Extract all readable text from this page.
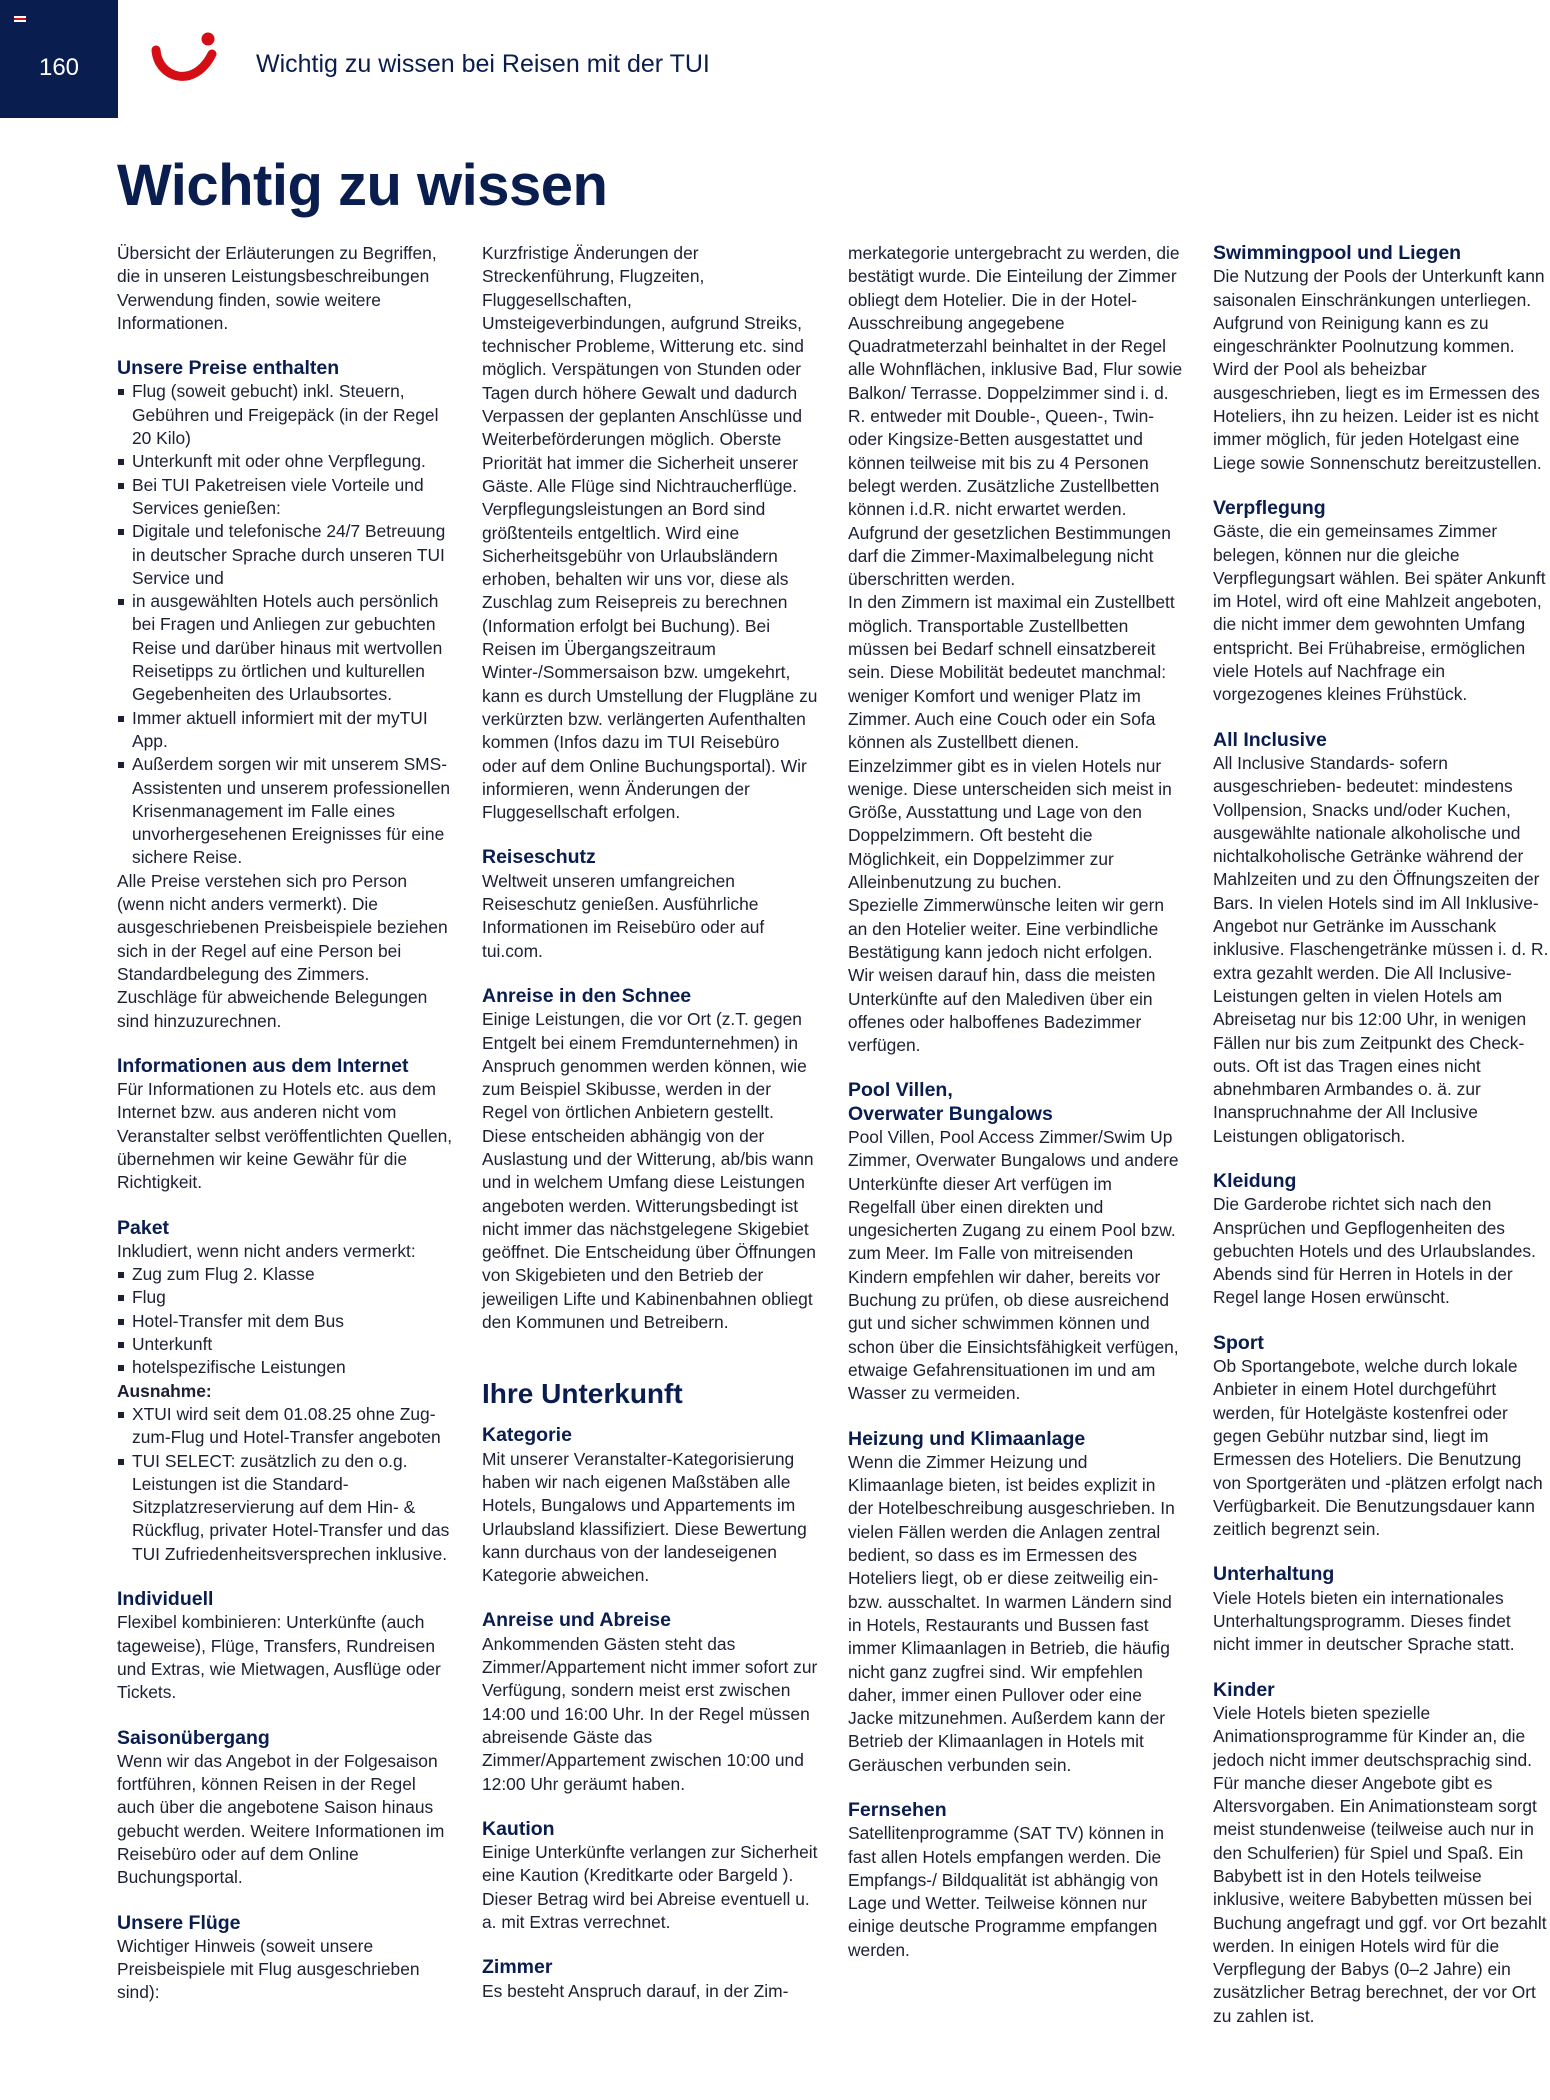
160	Wichtig zu wissen bei Reisen mit der TUI
Wichtig zu wissen

Übersicht der Erläuterungen zu Begriffen, die in unseren Leistungsbeschreibungen Verwendung finden, sowie weitere Informationen.

Unsere Preise enthalten
Flug (soweit gebucht) inkl. Steuern, Gebühren und Freigepäck (in der Regel 20 Kilo)
Unterkunft mit oder ohne Verpflegung.
Bei TUI Paketreisen viele Vorteile und Services genießen:
Digitale und telefonische 24/7 Betreuung in deutscher Sprache durch unseren TUI Service und
in ausgewählten Hotels auch persönlich bei Fragen und Anliegen zur gebuchten Reise und darüber hinaus mit wertvollen Reisetipps zu örtlichen und kulturellen Gegebenheiten des Urlaubsortes.
Immer aktuell informiert mit der myTUI App.
Außerdem sorgen wir mit unserem SMS-Assistenten und unserem professionellen Krisenmanagement im Falle eines unvorhergesehenen Ereignisses für eine sichere Reise.

Alle Preise verstehen sich pro Person (wenn nicht anders vermerkt). Die ausgeschriebenen Preisbeispiele beziehen sich in der Regel auf eine Person bei Standardbelegung des Zimmers. Zuschläge für abweichende Belegungen sind hinzuzurechnen.

Informationen aus dem Internet

Für Informationen zu Hotels etc. aus dem Internet bzw. aus anderen nicht vom Veranstalter selbst veröffentlichten Quellen, übernehmen wir keine Gewähr für die Richtigkeit.

Paket

Inkludiert, wenn nicht anders vermerkt:

Zug zum Flug 2. Klasse
Flug
Hotel-Transfer mit dem Bus
Unterkunft
hotelspezifische Leistungen

Ausnahme:

XTUI wird seit dem 01.08.25 ohne Zug-zum-Flug und Hotel-Transfer angeboten
TUI SELECT: zusätzlich zu den o.g. Leistungen ist die Standard-Sitzplatzreservierung auf dem Hin- & Rückflug, privater Hotel-Transfer und das TUI Zufriedenheitsversprechen inklusive.
Individuell

Flexibel kombinieren: Unterkünfte (auch tageweise), Flüge, Transfers, Rundreisen und Extras, wie Mietwagen, Ausflüge oder Tickets.

Saisonübergang

Wenn wir das Angebot in der Folgesaison fortführen, können Reisen in der Regel auch über die angebotene Saison hinaus gebucht werden. Weitere Informationen im Reisebüro oder auf dem Online Buchungsportal.

Unsere Flüge

Wichtiger Hinweis (soweit unsere Preisbeispiele mit Flug ausgeschrieben sind):

Kurzfristige Änderungen der Streckenführung, Flugzeiten, Fluggesellschaften, Umsteigeverbindungen, aufgrund Streiks, technischer Probleme, Witterung etc. sind möglich. Verspätungen von Stunden oder Tagen durch höhere Gewalt und dadurch Verpassen der geplanten Anschlüsse und Weiterbeförderungen möglich. Oberste Priorität hat immer die Sicherheit unserer Gäste. Alle Flüge sind Nichtraucherflüge. Verpflegungsleistungen an Bord sind größtenteils entgeltlich. Wird eine Sicherheitsgebühr von Urlaubsländern erhoben, behalten wir uns vor, diese als Zuschlag zum Reisepreis zu berechnen (Information erfolgt bei Buchung). Bei Reisen im Übergangszeitraum Winter-/Sommersaison bzw. umgekehrt, kann es durch Umstellung der Flugpläne zu verkürzten bzw. verlängerten Aufenthalten kommen (Infos dazu im TUI Reisebüro oder auf dem Online Buchungsportal). Wir informieren, wenn Änderungen der Fluggesellschaft erfolgen.

Reiseschutz

Weltweit unseren umfangreichen Reiseschutz genießen. Ausführliche Informationen im Reisebüro oder auf tui.com.

Anreise in den Schnee

Einige Leistungen, die vor Ort (z.T. gegen Entgelt bei einem Fremdunternehmen) in Anspruch genommen werden können, wie zum Beispiel Skibusse, werden in der Regel von örtlichen Anbietern gestellt. Diese entscheiden abhängig von der Auslastung und der Witterung, ab/bis wann und in welchem Umfang diese Leistungen angeboten werden. Witterungsbedingt ist nicht immer das nächstgelegene Skigebiet geöffnet. Die Entscheidung über Öffnungen von Skigebieten und den Betrieb der jeweiligen Lifte und Kabinenbahnen obliegt den Kommunen und Betreibern.

Ihre Unterkunft
Kategorie

Mit unserer Veranstalter-Kategorisierung haben wir nach eigenen Maßstäben alle Hotels, Bungalows und Appartements im Urlaubsland klassifiziert. Diese Bewertung kann durchaus von der landeseigenen Kategorie abweichen.

Anreise und Abreise

Ankommenden Gästen steht das Zimmer/Appartement nicht immer sofort zur Verfügung, sondern meist erst zwischen 14:00 und 16:00 Uhr. In der Regel müssen abreisende Gäste das Zimmer/Appartement zwischen 10:00 und 12:00 Uhr geräumt haben.

Kaution

Einige Unterkünfte verlangen zur Sicherheit eine Kaution (Kreditkarte oder Bargeld ). Dieser Betrag wird bei Abreise eventuell u. a. mit Extras verrechnet.

Zimmer

Es besteht Anspruch darauf, in der Zim-

merkategorie untergebracht zu werden, die bestätigt wurde. Die Einteilung der Zimmer obliegt dem Hotelier. Die in der Hotel-Ausschreibung angegebene Quadratmeterzahl beinhaltet in der Regel alle Wohnflächen, inklusive Bad, Flur sowie Balkon/ Terrasse. Doppelzimmer sind i. d. R. entweder mit Double-, Queen-, Twin- oder Kingsize-Betten ausgestattet und können teilweise mit bis zu 4 Personen belegt werden. Zusätzliche Zustellbetten können i.d.R. nicht erwartet werden. Aufgrund der gesetzlichen Bestimmungen darf die Zimmer-Maximalbelegung nicht überschritten werden.

In den Zimmern ist maximal ein Zustellbett möglich. Transportable Zustellbetten müssen bei Bedarf schnell einsatzbereit sein. Diese Mobilität bedeutet manchmal: weniger Komfort und weniger Platz im Zimmer. Auch eine Couch oder ein Sofa können als Zustellbett dienen.

Einzelzimmer gibt es in vielen Hotels nur wenige. Diese unterscheiden sich meist in Größe, Ausstattung und Lage von den Doppelzimmern. Oft besteht die Möglichkeit, ein Doppelzimmer zur Alleinbenutzung zu buchen.

Spezielle Zimmerwünsche leiten wir gern an den Hotelier weiter. Eine verbindliche Bestätigung kann jedoch nicht erfolgen.

Wir weisen darauf hin, dass die meisten Unterkünfte auf den Malediven über ein offenes oder halboffenes Badezimmer verfügen.

Pool Villen,
Overwater Bungalows

Pool Villen, Pool Access Zimmer/Swim Up Zimmer, Overwater Bungalows und andere Unterkünfte dieser Art verfügen im Regelfall über einen direkten und ungesicherten Zugang zu einem Pool bzw. zum Meer. Im Falle von mitreisenden Kindern empfehlen wir daher, bereits vor Buchung zu prüfen, ob diese ausreichend gut und sicher schwimmen können und schon über die Einsichtsfähigkeit verfügen, etwaige Gefahrensituationen im und am Wasser zu vermeiden.

Heizung und Klimaanlage

Wenn die Zimmer Heizung und Klimaanlage bieten, ist beides explizit in der Hotelbeschreibung ausgeschrieben. In vielen Fällen werden die Anlagen zentral bedient, so dass es im Ermessen des Hoteliers liegt, ob er diese zeitweilig ein- bzw. ausschaltet. In warmen Ländern sind in Hotels, Restaurants und Bussen fast immer Klimaanlagen in Betrieb, die häufig nicht ganz zugfrei sind. Wir empfehlen daher, immer einen Pullover oder eine Jacke mitzunehmen. Außerdem kann der Betrieb der Klimaanlagen in Hotels mit Geräuschen verbunden sein.

Fernsehen

Satellitenprogramme (SAT TV) können in fast allen Hotels empfangen werden. Die Empfangs-/ Bildqualität ist abhängig von Lage und Wetter. Teilweise können nur einige deutsche Programme empfangen werden.

Swimmingpool und Liegen

Die Nutzung der Pools der Unterkunft kann saisonalen Einschränkungen unterliegen. Aufgrund von Reinigung kann es zu eingeschränkter Poolnutzung kommen. Wird der Pool als beheizbar ausgeschrieben, liegt es im Ermessen des Hoteliers, ihn zu heizen. Leider ist es nicht immer möglich, für jeden Hotelgast eine Liege sowie Sonnenschutz bereitzustellen.

Verpflegung

Gäste, die ein gemeinsames Zimmer belegen, können nur die gleiche Verpflegungsart wählen. Bei später Ankunft im Hotel, wird oft eine Mahlzeit angeboten, die nicht immer dem gewohnten Umfang entspricht. Bei Frühabreise, ermöglichen viele Hotels auf Nachfrage ein vorgezogenes kleines Frühstück.

All Inclusive

All Inclusive Standards- sofern ausgeschrieben- bedeutet: mindestens Vollpension, Snacks und/oder Kuchen, ausgewählte nationale alkoholische und nichtalkoholische Getränke während der Mahlzeiten und zu den Öffnungszeiten der Bars. In vielen Hotels sind im All Inklusive-Angebot nur Getränke im Ausschank inklusive. Flaschengetränke müssen i. d. R. extra gezahlt werden. Die All Inclusive- Leistungen gelten in vielen Hotels am Abreisetag nur bis 12:00 Uhr, in wenigen Fällen nur bis zum Zeitpunkt des Check-outs. Oft ist das Tragen eines nicht abnehmbaren Armbandes o. ä. zur Inanspruchnahme der All Inclusive Leistungen obligatorisch.

Kleidung

Die Garderobe richtet sich nach den Ansprüchen und Gepflogenheiten des gebuchten Hotels und des Urlaubslandes. Abends sind für Herren in Hotels in der Regel lange Hosen erwünscht.

Sport

Ob Sportangebote, welche durch lokale Anbieter in einem Hotel durchgeführt werden, für Hotelgäste kostenfrei oder gegen Gebühr nutzbar sind, liegt im Ermessen des Hoteliers. Die Benutzung von Sportgeräten und -plätzen erfolgt nach Verfügbarkeit. Die Benutzungsdauer kann zeitlich begrenzt sein.

Unterhaltung

Viele Hotels bieten ein internationales Unterhaltungsprogramm. Dieses findet nicht immer in deutscher Sprache statt.

Kinder

Viele Hotels bieten spezielle Animationsprogramme für Kinder an, die jedoch nicht immer deutschsprachig sind. Für manche dieser Angebote gibt es Altersvorgaben. Ein Animationsteam sorgt meist stundenweise (teilweise auch nur in den Schulferien) für Spiel und Spaß. Ein Babybett ist in den Hotels teilweise inklusive, weitere Babybetten müssen bei Buchung angefragt und ggf. vor Ort bezahlt werden. In einigen Hotels wird für die Verpflegung der Babys (0–2 Jahre) ein zusätzlicher Betrag berechnet, der vor Ort zu zahlen ist.
